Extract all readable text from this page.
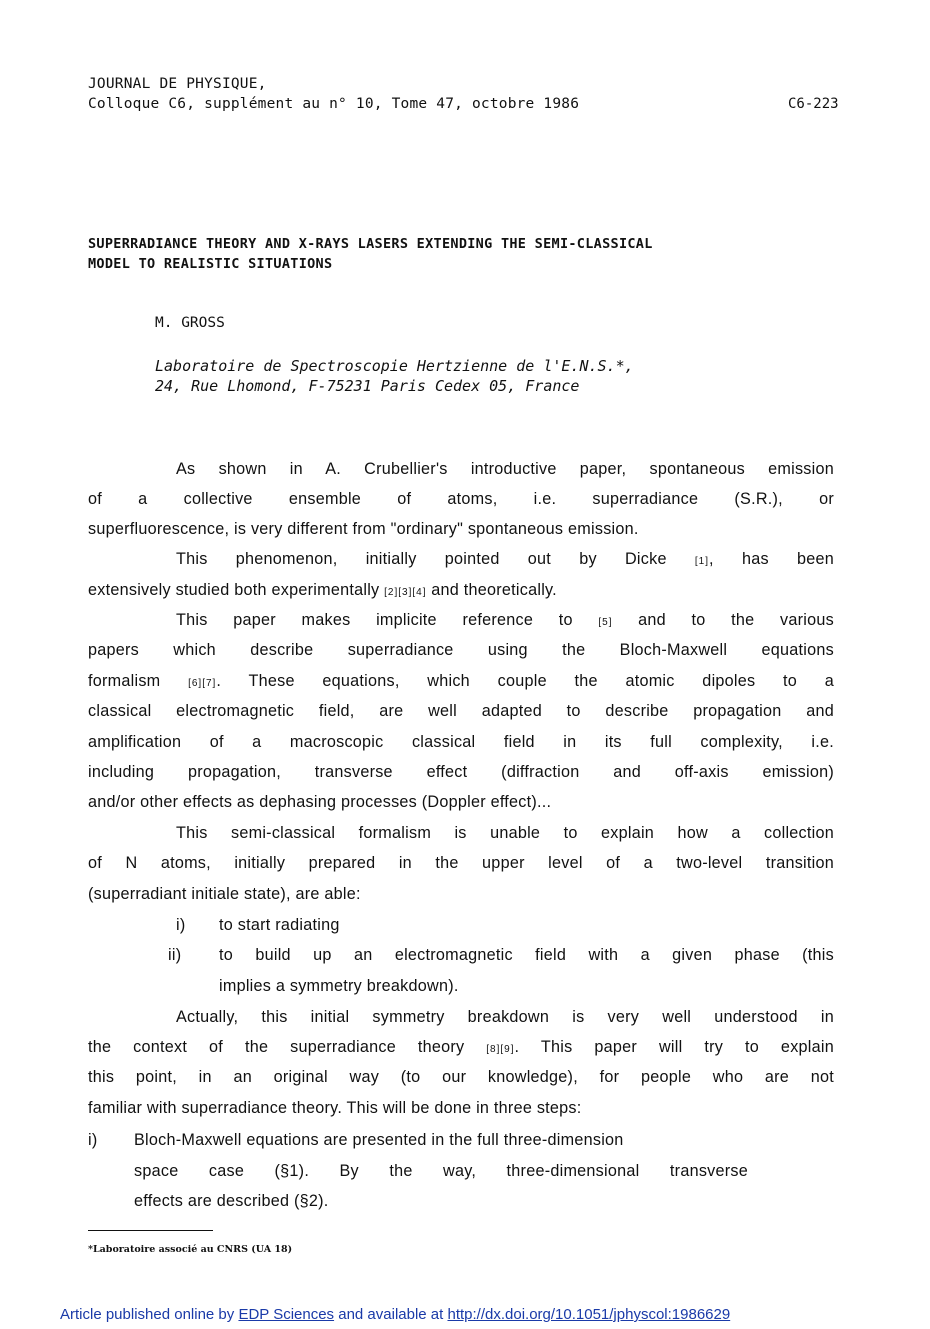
JOURNAL DE PHYSIQUE,
Colloque C6, supplément au n° 10, Tome 47, octobre 1986	C6-223
SUPERRADIANCE THEORY AND X-RAYS LASERS EXTENDING THE SEMI-CLASSICAL
MODEL TO REALISTIC SITUATIONS
M. GROSS
Laboratoire de Spectroscopie Hertzienne de l'E.N.S.*,
24, Rue Lhomond, F-75231 Paris Cedex 05, France
As shown in A. Crubellier's introductive paper, spontaneous emission
of a collective ensemble of atoms, i.e. superradiance (S.R.), or
superfluorescence, is very different from "ordinary" spontaneous emission.
This phenomenon, initially pointed out by Dicke [1], has been
extensively studied both experimentally [2][3][4] and theoretically.
This paper makes implicite reference to [5] and to the various
papers which describe superradiance using the Bloch-Maxwell equations
formalism [6][7]. These equations, which couple the atomic dipoles to a
classical electromagnetic field, are well adapted to describe propagation and
amplification of a macroscopic classical field in its full complexity, i.e.
including propagation, transverse effect (diffraction and off-axis emission)
and/or other effects as dephasing processes (Doppler effect)...
This semi-classical formalism is unable to explain how a collection
of N atoms, initially prepared in the upper level of a two-level transition
(superradiant initiale state), are able:
i) to start radiating
ii) to build up an electromagnetic field with a given phase (this
implies a symmetry breakdown).
Actually, this initial symmetry breakdown is very well understood in
the context of the superradiance theory [8][9]. This paper will try to explain
this point, in an original way (to our knowledge), for people who are not
familiar with superradiance theory. This will be done in three steps:
i) Bloch-Maxwell equations are presented in the full three-dimension
space case (§1). By the way, three-dimensional transverse
effects are described (§2).
*Laboratoire associé au CNRS (UA 18)
Article published online by EDP Sciences and available at http://dx.doi.org/10.1051/jphyscol:1986629
